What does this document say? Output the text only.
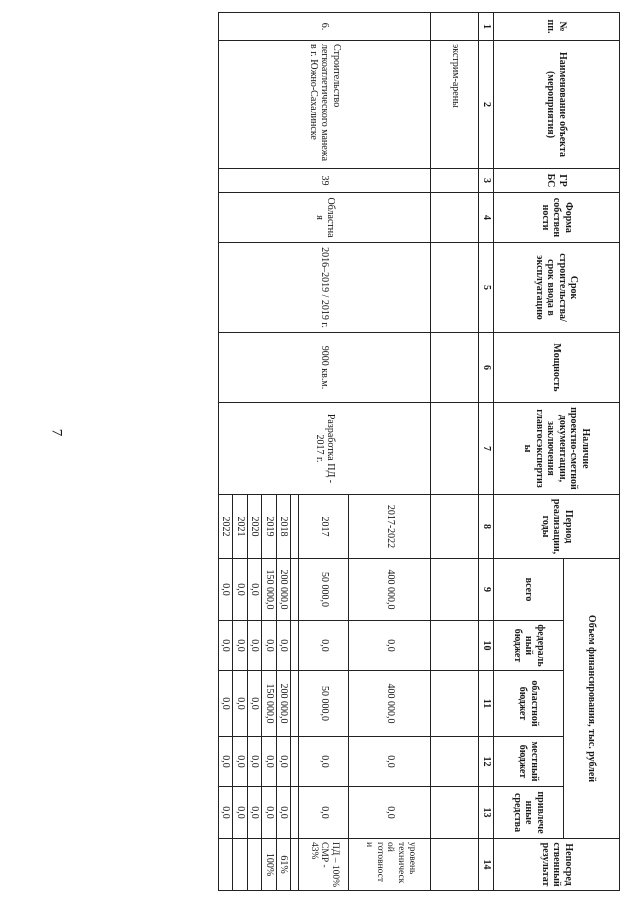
7
№ пп.	Наименование объекта (мероприятия)	ГРБС	Форма собственности	Срок строительства/срок ввода в эксплуатацию	Мощность	Наличие проектно-сметной документации, заключения главгосэкспертизы	Период реализации, годы	Объем финансирования, тыс. рублей					Непосредственный результат
								всего	федеральный бюджет	областной бюджет	местный бюджет	привлеченные средства	
1	2	3	4	5	6	7	8	9	10	11	12	13	14
	экстрим-арены												
6.	Строительство легкоатлетического манежа в г. Южно-Сахалинске	39	Областная	2016–2019 / 2019 г.	9000 кв.м.	Разработка ПД - 2017 г.	2017-2022	400 000,0	0,0	400 000,0	0,0	0,0	уровень технической готовности
							2017	50 000,0	0,0	50 000,0	0,0	0,0	ПД – 100% СМР - 43%

							2018	200 000,0	0,0	200 000,0	0,0	0,0	61%
							2019	150 000,0	0,0	150 000,0	0,0	0,0	100%
							2020	0,0	0,0	0,0	0,0	0,0	
							2021	0,0	0,0	0,0	0,0	0,0	
							2022	0,0	0,0	0,0	0,0	0,0	
